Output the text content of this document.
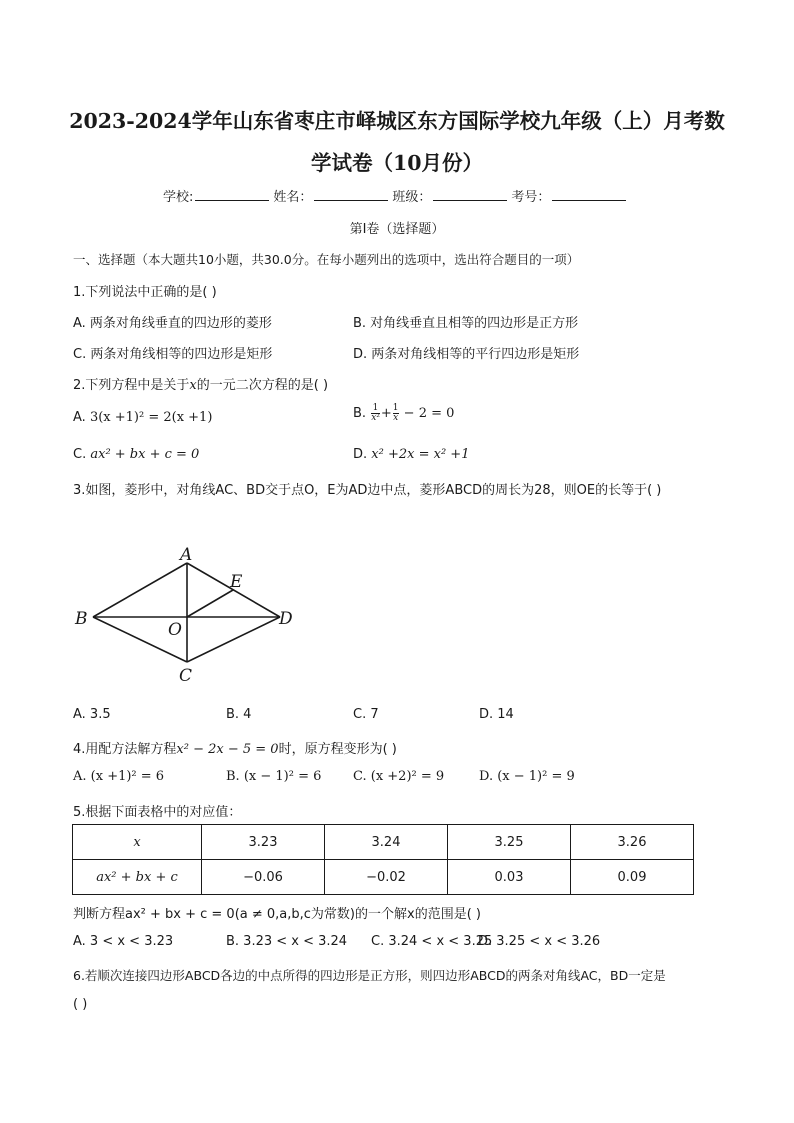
2023-2024学年山东省枣庄市峄城区东方国际学校九年级（上）月考数
学试卷（10月份）
学校:	姓名：	班级：	考号：
第I卷（选择题）
一、选择题（本大题共10小题，共30.0分。在每小题列出的选项中，选出符合题目的一项）
1.下列说法中正确的是( )
A. 两条对角线垂直的四边形的菱形	B. 对角线垂直且相等的四边形是正方形
C. 两条对角线相等的四边形是矩形	D. 两条对角线相等的平行四边形是矩形
2.下列方程中是关于x的一元二次方程的是( )
A. 3(x +1)² = 2(x +1)	B. $\frac{1}{\text{x²}} + \frac{1}{x} - 2 = 0$
C. ax² + bx + c = 0	D. x² +2x = x² +1
3.如图，菱形中，对角线AC、BD交于点O，E为AD边中点，菱形ABCD的周长为28，则OE的长等于( )
A
B
C
D
E
O
A. 3.5	B. 4	C. 7	D. 14
4.用配方法解方程x² − 2x − 5 = 0时，原方程变形为( )
A. (x +1)² = 6	B. (x − 1)² = 6 C. (x +2)² = 9	D. (x − 1)² = 9
5.根据下面表格中的对应值：
x	3.23	3.24	3.25	3.26
ax² + bx + c	−0.06	−0.02	0.03	0.09
判断方程ax² + bx + c = 0(a ≠ 0,a,b,c为常数)的一个解x的范围是( )
A. 3 < x < 3.23	B. 3.23 < x < 3.24 C. 3.24 < x < 3.25
D. 3.25 < x < 3.26
6.若顺次连接四边形ABCD各边的中点所得的四边形是正方形，则四边形ABCD的两条对角线AC，BD一定是
( )
